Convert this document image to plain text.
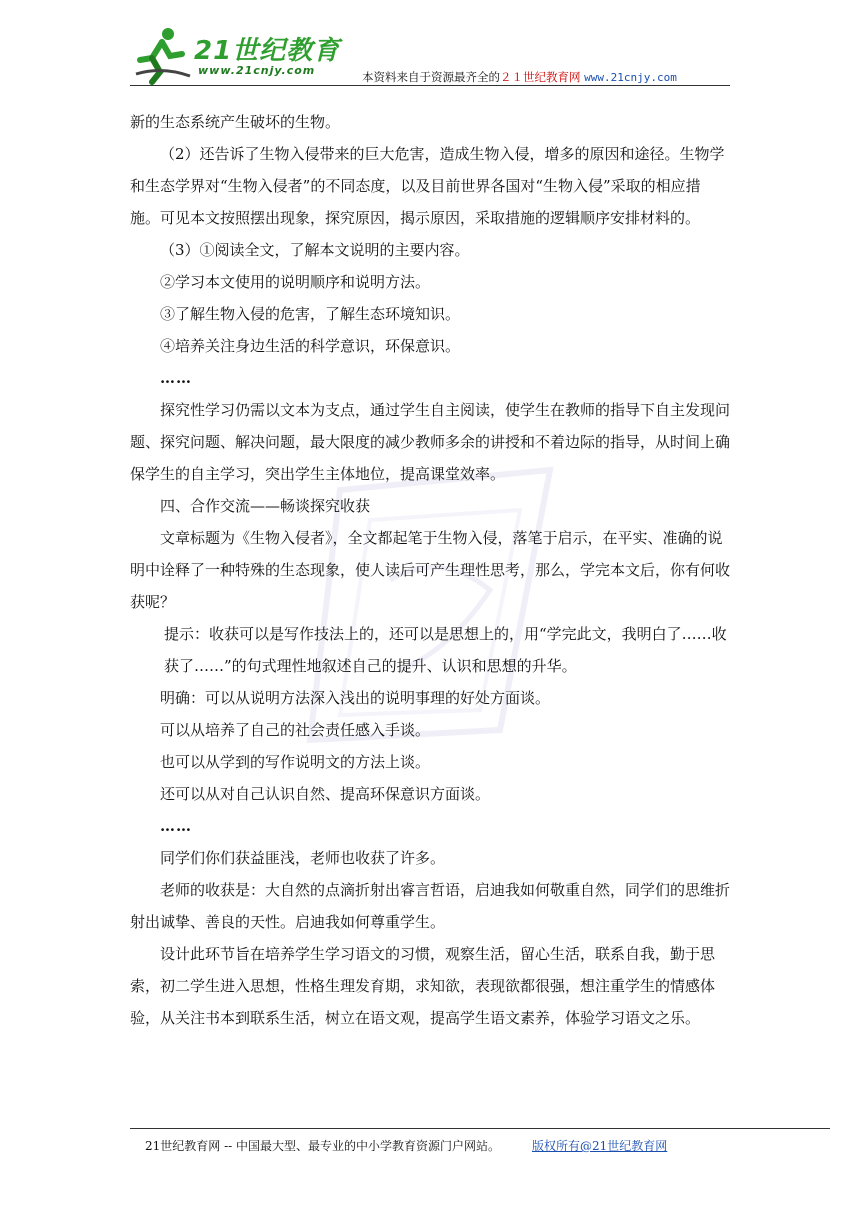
21世纪教育
www.21cnjy.com	本资料来自于资源最齐全的２１世纪教育网 www.21cnjy.com

新的生态系统产生破坏的生物。

（2）还告诉了生物入侵带来的巨大危害，造成生物入侵，增多的原因和途径。生物学和生态学界对“生物入侵者”的不同态度，以及目前世界各国对“生物入侵”采取的相应措施。可见本文按照摆出现象，探究原因，揭示原因，采取措施的逻辑顺序安排材料的。

（3）①阅读全文，了解本文说明的主要内容。

②学习本文使用的说明顺序和说明方法。

③了解生物入侵的危害，了解生态环境知识。

④培养关注身边生活的科学意识，环保意识。

……

探究性学习仍需以文本为支点，通过学生自主阅读，使学生在教师的指导下自主发现问题、探究问题、解决问题，最大限度的减少教师多余的讲授和不着边际的指导，从时间上确保学生的自主学习，突出学生主体地位，提高课堂效率。

四、合作交流——畅谈探究收获

文章标题为《生物入侵者》，全文都起笔于生物入侵，落笔于启示，在平实、准确的说明中诠释了一种特殊的生态现象，使人读后可产生理性思考，那么，学完本文后，你有何收获呢？

提示：收获可以是写作技法上的，还可以是思想上的，用“学完此文，我明白了……收获了……”的句式理性地叙述自己的提升、认识和思想的升华。

明确：可以从说明方法深入浅出的说明事理的好处方面谈。

可以从培养了自己的社会责任感入手谈。

也可以从学到的写作说明文的方法上谈。

还可以从对自己认识自然、提高环保意识方面谈。

……

同学们你们获益匪浅，老师也收获了许多。

老师的收获是：大自然的点滴折射出睿言哲语，启迪我如何敬重自然，同学们的思维折射出诚挚、善良的天性。启迪我如何尊重学生。

设计此环节旨在培养学生学习语文的习惯，观察生活，留心生活，联系自我，勤于思索，初二学生进入思想，性格生理发育期，求知欲，表现欲都很强，想注重学生的情感体验，从关注书本到联系生活，树立在语文观，提高学生语文素养，体验学习语文之乐。

21世纪教育网 -- 中国最大型、最专业的中小学教育资源门户网站。	版权所有@21世纪教育网
